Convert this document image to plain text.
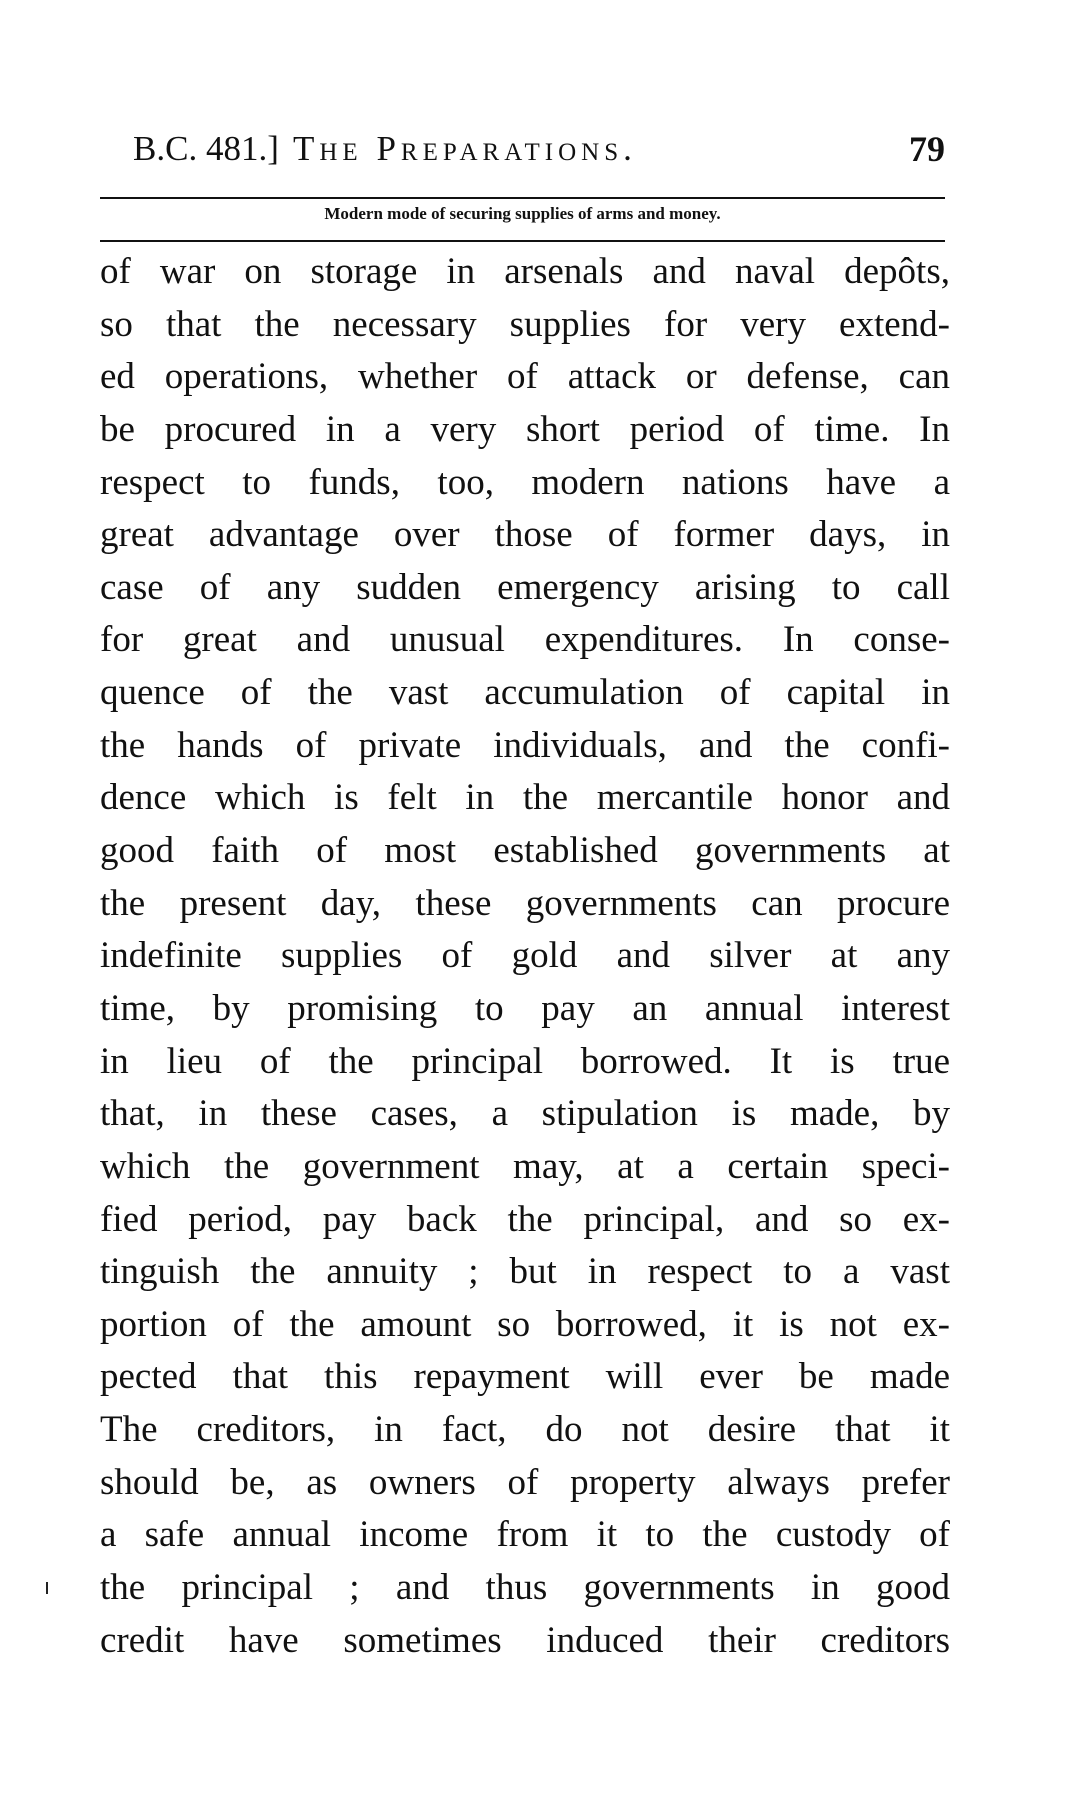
B.C. 481.] The Preparations.	79
Modern mode of securing supplies of arms and money.
of war on storage in arsenals and naval depôts,
so that the necessary supplies for very extend-
ed operations, whether of attack or defense, can
be procured in a very short period of time. In
respect to funds, too, modern nations have a
great advantage over those of former days, in
case of any sudden emergency arising to call
for great and unusual expenditures. In conse-
quence of the vast accumulation of capital in
the hands of private individuals, and the confi-
dence which is felt in the mercantile honor and
good faith of most established governments at
the present day, these governments can procure
indefinite supplies of gold and silver at any
time, by promising to pay an annual interest
in lieu of the principal borrowed. It is true
that, in these cases, a stipulation is made, by
which the government may, at a certain speci-
fied period, pay back the principal, and so ex-
tinguish the annuity ; but in respect to a vast
portion of the amount so borrowed, it is not ex-
pected that this repayment will ever be made
The creditors, in fact, do not desire that it
should be, as owners of property always prefer
a safe annual income from it to the custody of
the principal ; and thus governments in good
credit have sometimes induced their creditors
